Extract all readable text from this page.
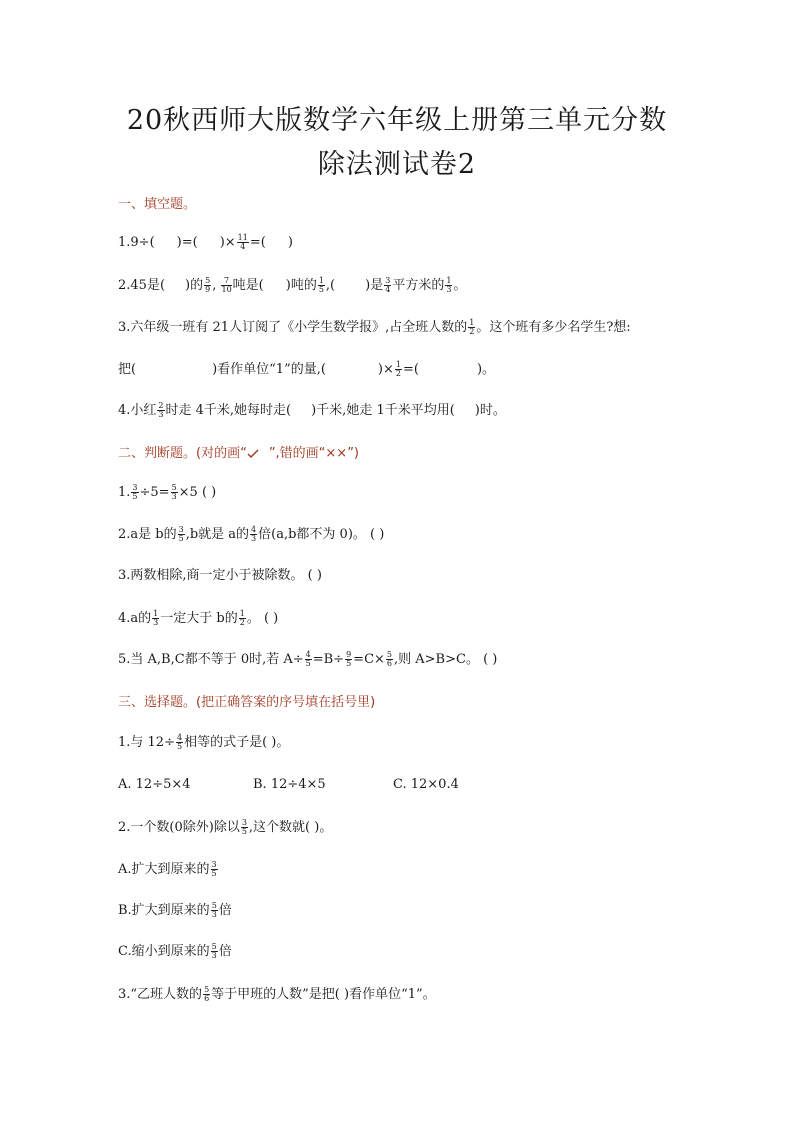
20秋西师大版数学六年级上册第三单元分数
除法测试卷2
一、填空题。
1.9÷( )=( )× $\frac{11}{4}$ =( )
2.45是( )的 $\frac{5}{9}$ , $\frac{7}{10}$ 吨是( )吨的 $\frac{1}{5}$ ,( )是 $\frac{3}{4}$ 平方米的 $\frac{1}{3}$ 。
3.六年级一班有 21人订阅了《小学生数学报》,占全班人数的 $\frac{1}{2}$ 。这个班有多少名学生?想:
把(	)看作单位“1”的量,(	)× $\frac{1}{2}$ =(	)。
4.小红 $\frac{2}{3}$ 时走 4千米,她每时走( )千米,她走 1千米平均用( )时。
二、判断题。(对的画“ ”,错的画“××”)
1. $\frac{3}{5} \div 5= \frac{5}{3} \times 5$ ( )
2.a是 b的 $\frac{3}{5} ,b$就是 a的 $\frac{4}{3}$ 倍(a,b都不为 0)。 ( )
3.两数相除,商一定小于被除数。 ( )
4.a的 $\frac{1}{3}$ 一定大于 b的 $\frac{1}{2}$ 。 ( )
5.当 A,B,C都不等于 0时,若 $A\div \frac{4}{5} =B\div \frac{9}{5} =C\times \frac{5}{6}$ ,则 A>B>C。 ( )
三、选择题。(把正确答案的序号填在括号里)
1.与 $12\div \frac{4}{5}$ 相等的式子是( )。
A. 12÷5×4	B. 12÷4×5	C. 12×0.4
2.一个数(0除外)除以 $\frac{3}{5}$ ,这个数就( )。
A.扩大到原来的 $\frac{3}{5}$
B.扩大到原来的 $\frac{5}{3}$ 倍
C.缩小到原来的 $\frac{5}{3}$ 倍
3.“乙班人数的 $\frac{5}{6}$ 等于甲班的人数”是把( )看作单位“1”。
